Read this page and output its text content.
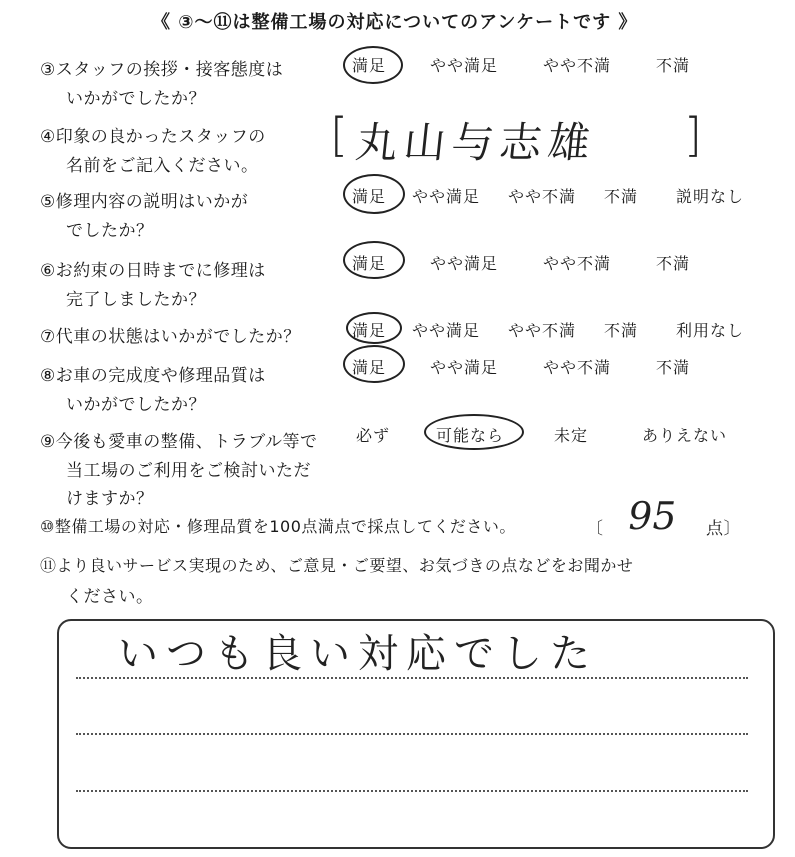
《 ③～⑪は整備工場の対応についてのアンケートです 》
③スタッフの挨拶・接客態度は
いかがでしたか？
満足	やや満足	やや不満	不満
④印象の良かったスタッフの
名前をご記入ください。
[ 丸山与志雄 ]
⑤修理内容の説明はいかが
でしたか？
満足 やや満足 やや不満 不満 説明なし
⑥お約束の日時までに修理は
完了しましたか？
満足	やや満足	やや不満	不満
⑦代車の状態はいかがでしたか？	満足 やや満足 やや不満 不満 利用なし
⑧お車の完成度や修理品質は
いかがでしたか？
満足	やや満足	やや不満	不満
⑨今後も愛車の整備、トラブル等で
当工場のご利用をご検討いただ
けますか？
必ず	可能なら	未定	ありえない
⑩整備工場の対応・修理品質を100点満点で採点してください。	〔 95 点〕
⑪より良いサービス実現のため、ご意見・ご要望、お気づきの点などをお聞かせ
ください。
いつも良い対応でした
